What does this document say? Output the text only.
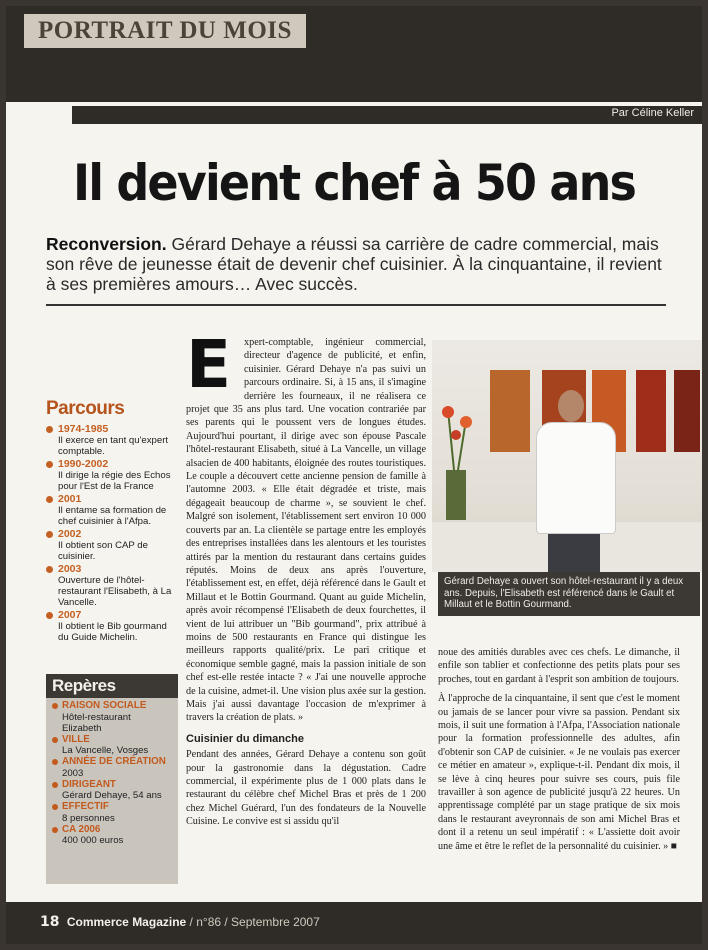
PORTRAIT DU MOIS
Par Céline Keller
Il devient chef à 50 ans
Reconversion. Gérard Dehaye a réussi sa carrière de cadre commercial, mais son rêve de jeunesse était de devenir chef cuisinier. À la cinquantaine, il revient à ses premières amours… Avec succès.
Parcours
1974-1985
Il exerce en tant qu'expert comptable.
1990-2002
Il dirige la régie des Echos pour l'Est de la France
2001
Il entame sa formation de chef cuisinier à l'Afpa.
2002
Il obtient son CAP de cuisinier.
2003
Ouverture de l'hôtel-restaurant l'Elisabeth, à La Vancelle.
2007
Il obtient le Bib gourmand du Guide Michelin.
Repères
RAISON SOCIALE
Hôtel-restaurant Elizabeth
VILLE
La Vancelle, Vosges
ANNÉE DE CRÉATION
2003
DIRIGEANT
Gérard Dehaye, 54 ans
EFFECTIF
8 personnes
CA 2006
400 000 euros
E	xpert-comptable, ingénieur commercial, directeur d'agence de publicité, et enfin, cuisinier. Gérard Dehaye n'a pas suivi un parcours ordinaire. Si, à 15 ans, il s'imagine derrière les fourneaux, il ne réalisera ce projet que 35 ans plus tard. Une vocation contrariée par ses parents qui le poussent vers de longues études. Aujourd'hui pourtant, il dirige avec son épouse Pascale l'hôtel-restaurant Elisabeth, situé à La Vancelle, un village alsacien de 400 habitants, éloignée des routes touristiques. Le couple a découvert cette ancienne pension de famille à l'automne 2003. « Elle était dégradée et triste, mais dégageait beaucoup de charme », se souvient le chef. Malgré son isolement, l'établissement sert environ 10 000 couverts par an. La clientèle se partage entre les employés des entreprises installées dans les alentours et les touristes attirés par la mention du restaurant dans certains guides réputés. Moins de deux ans après l'ouverture, l'établissement est, en effet, déjà référencé dans le Gault et Millaut et le Bottin Gourmand. Quant au guide Michelin, après avoir récompensé l'Elisabeth de deux fourchettes, il vient de lui attribuer un "Bib gourmand", prix attribué à moins de 500 restaurants en France qui distingue les meilleurs rapports qualité/prix. Le pari critique et économique semble gagné, mais la passion initiale de son chef est-elle restée intacte ? « J'ai une nouvelle approche de la cuisine, admet-il. Une vision plus axée sur la gestion. Mais j'ai aussi davantage l'occasion de m'exprimer à travers la création de plats. »

Cuisinier du dimanche

Pendant des années, Gérard Dehaye a contenu son goût pour la gastronomie dans la dégustation. Cadre commercial, il expérimente plus de 1 000 plats dans le restaurant du célèbre chef Michel Bras et près de 1 200 chez Michel Guérard, l'un des fondateurs de la Nouvelle Cuisine. Le convive est si assidu qu'il

Gérard Dehaye a ouvert son hôtel-restaurant il y a deux ans. Depuis, l'Elisabeth est référencé dans le Gault et Millaut et le Bottin Gourmand.

noue des amitiés durables avec ces chefs. Le dimanche, il enfile son tablier et confectionne des petits plats pour ses proches, tout en gardant à l'esprit son ambition de toujours.

À l'approche de la cinquantaine, il sent que c'est le moment ou jamais de se lancer pour vivre sa passion. Pendant six mois, il suit une formation à l'Afpa, l'Association nationale pour la formation professionnelle des adultes, afin d'obtenir son CAP de cuisinier. « Je ne voulais pas exercer ce métier en amateur », explique-t-il. Pendant dix mois, il se lève à cinq heures pour suivre ses cours, puis file travailler à son agence de publicité jusqu'à 22 heures. Un apprentissage complété par un stage pratique de six mois dans le restaurant aveyronnais de son ami Michel Bras et dont il a retenu un seul impératif : « L'assiette doit avoir une âme et être le reflet de la personnalité du cuisinier. » ■

18 Commerce Magazine / n°86 / Septembre 2007
